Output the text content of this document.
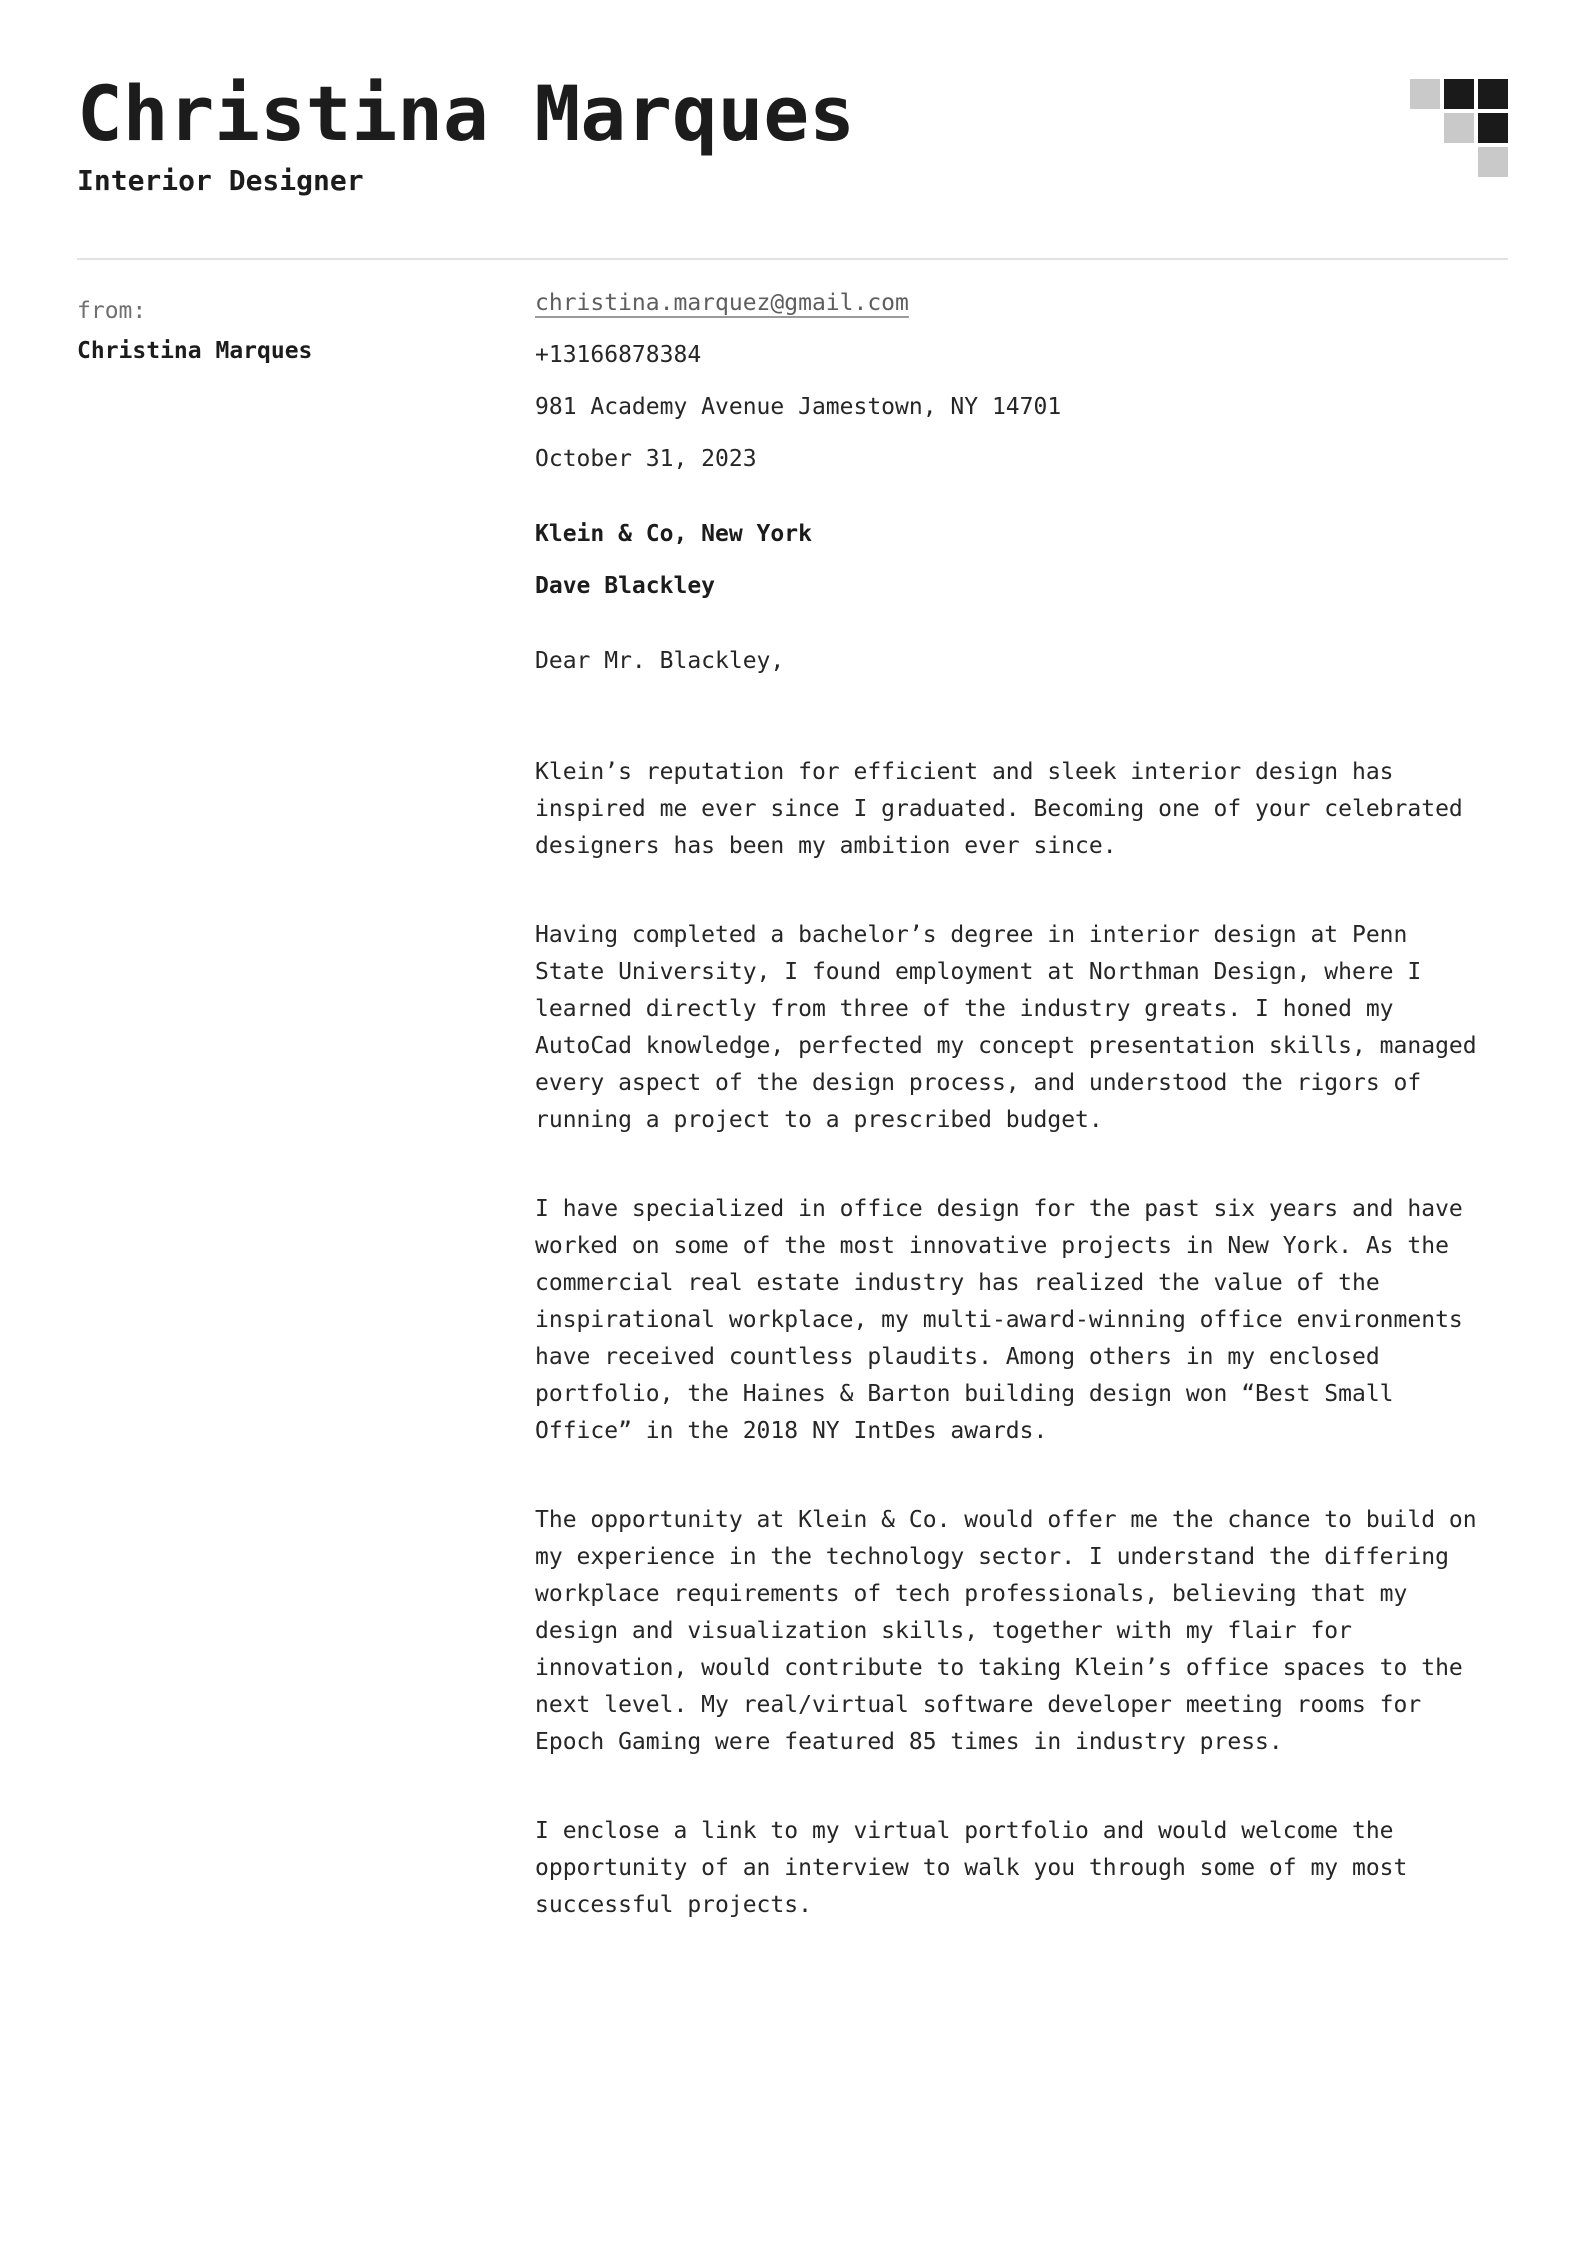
Christina Marques
Interior Designer
from:
Christina Marques
christina.marquez@gmail.com
+13166878384
981 Academy Avenue Jamestown, NY 14701
October 31, 2023
Klein & Co, New York
Dave Blackley

Dear Mr. Blackley,

Klein’s reputation for efficient and sleek interior design has inspired me ever since I graduated. Becoming one of your celebrated designers has been my ambition ever since.

Having completed a bachelor’s degree in interior design at Penn State University, I found employment at Northman Design, where I learned directly from three of the industry greats. I honed my AutoCad knowledge, perfected my concept presentation skills, managed every aspect of the design process, and understood the rigors of running a project to a prescribed budget.

I have specialized in office design for the past six years and have worked on some of the most innovative projects in New York. As the commercial real estate industry has realized the value of the inspirational workplace, my multi-award-winning office environments have received countless plaudits. Among others in my enclosed portfolio, the Haines & Barton building design won “Best Small Office” in the 2018 NY IntDes awards.

The opportunity at Klein & Co. would offer me the chance to build on my experience in the technology sector. I understand the differing workplace requirements of tech professionals, believing that my design and visualization skills, together with my flair for innovation, would contribute to taking Klein’s office spaces to the next level. My real/virtual software developer meeting rooms for Epoch Gaming were featured 85 times in industry press.

I enclose a link to my virtual portfolio and would welcome the opportunity of an interview to walk you through some of my most successful projects.
